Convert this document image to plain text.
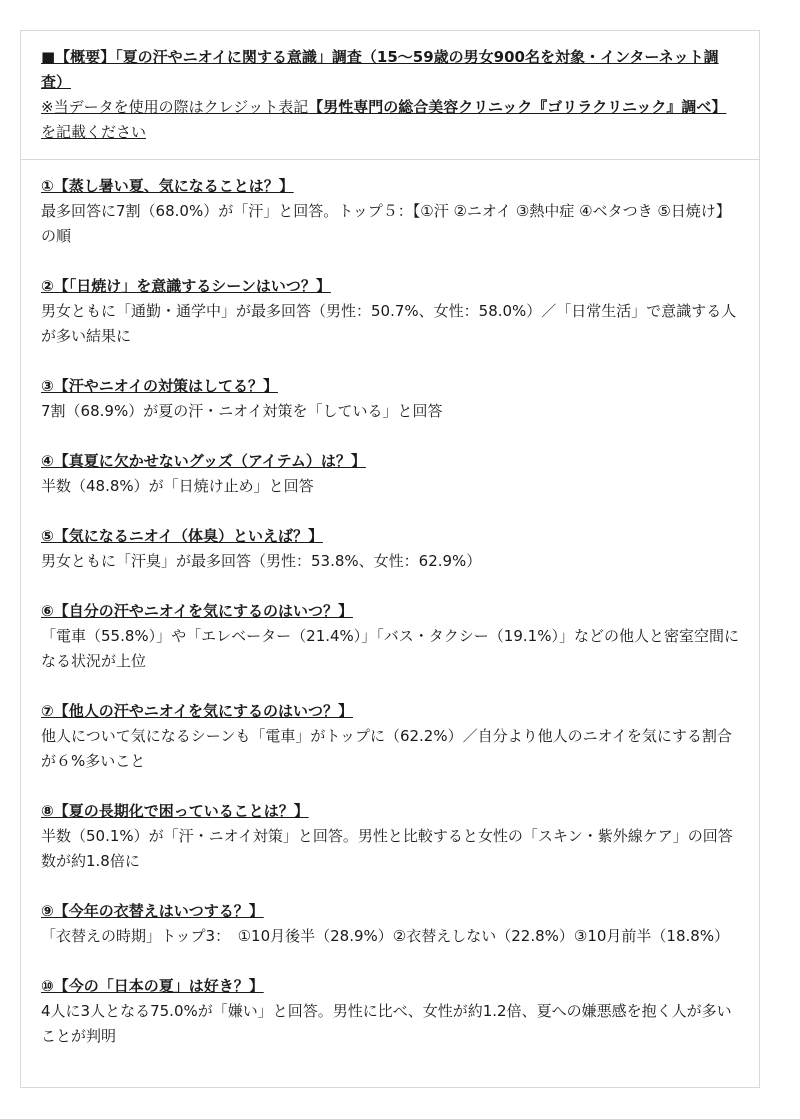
■【概要】「夏の汗やニオイに関する意識」調査（15〜59歳の男女900名を対象・インターネット調査）
※当データを使用の際はクレジット表記【男性専門の総合美容クリニック『ゴリラクリニック』調べ】を記載ください
①【蒸し暑い夏、気になることは？】
最多回答に7割（68.0%）が「汗」と回答。トップ５：【①汗 ②ニオイ ③熱中症 ④ベタつき ⑤日焼け】の順
②【「日焼け」を意識するシーンはいつ？】
男女ともに「通勤・通学中」が最多回答（男性：50.7%、女性：58.0%）／「日常生活」で意識する人が多い結果に
③【汗やニオイの対策はしてる？】
7割（68.9%）が夏の汗・ニオイ対策を「している」と回答
④【真夏に欠かせないグッズ（アイテム）は？】
半数（48.8%）が「日焼け止め」と回答
⑤【気になるニオイ（体臭）といえば？】
男女ともに「汗臭」が最多回答（男性：53.8%、女性：62.9%）
⑥【自分の汗やニオイを気にするのはいつ？】
「電車（55.8%）」や「エレベーター（21.4%）」「バス・タクシー（19.1%）」などの他人と密室空間になる状況が上位
⑦【他人の汗やニオイを気にするのはいつ？】
他人について気になるシーンも「電車」がトップに（62.2%）／自分より他人のニオイを気にする割合が６%多いこと
⑧【夏の長期化で困っていることは？】
半数（50.1%）が「汗・ニオイ対策」と回答。男性と比較すると女性の「スキン・紫外線ケア」の回答数が約1.8倍に
⑨【今年の衣替えはいつする？】
「衣替えの時期」トップ3：　①10月後半（28.9%）②衣替えしない（22.8%）③10月前半（18.8%）
⑩【今の「日本の夏」は好き？】
4人に3人となる75.0%が「嫌い」と回答。男性に比べ、女性が約1.2倍、夏への嫌悪感を抱く人が多いことが判明
